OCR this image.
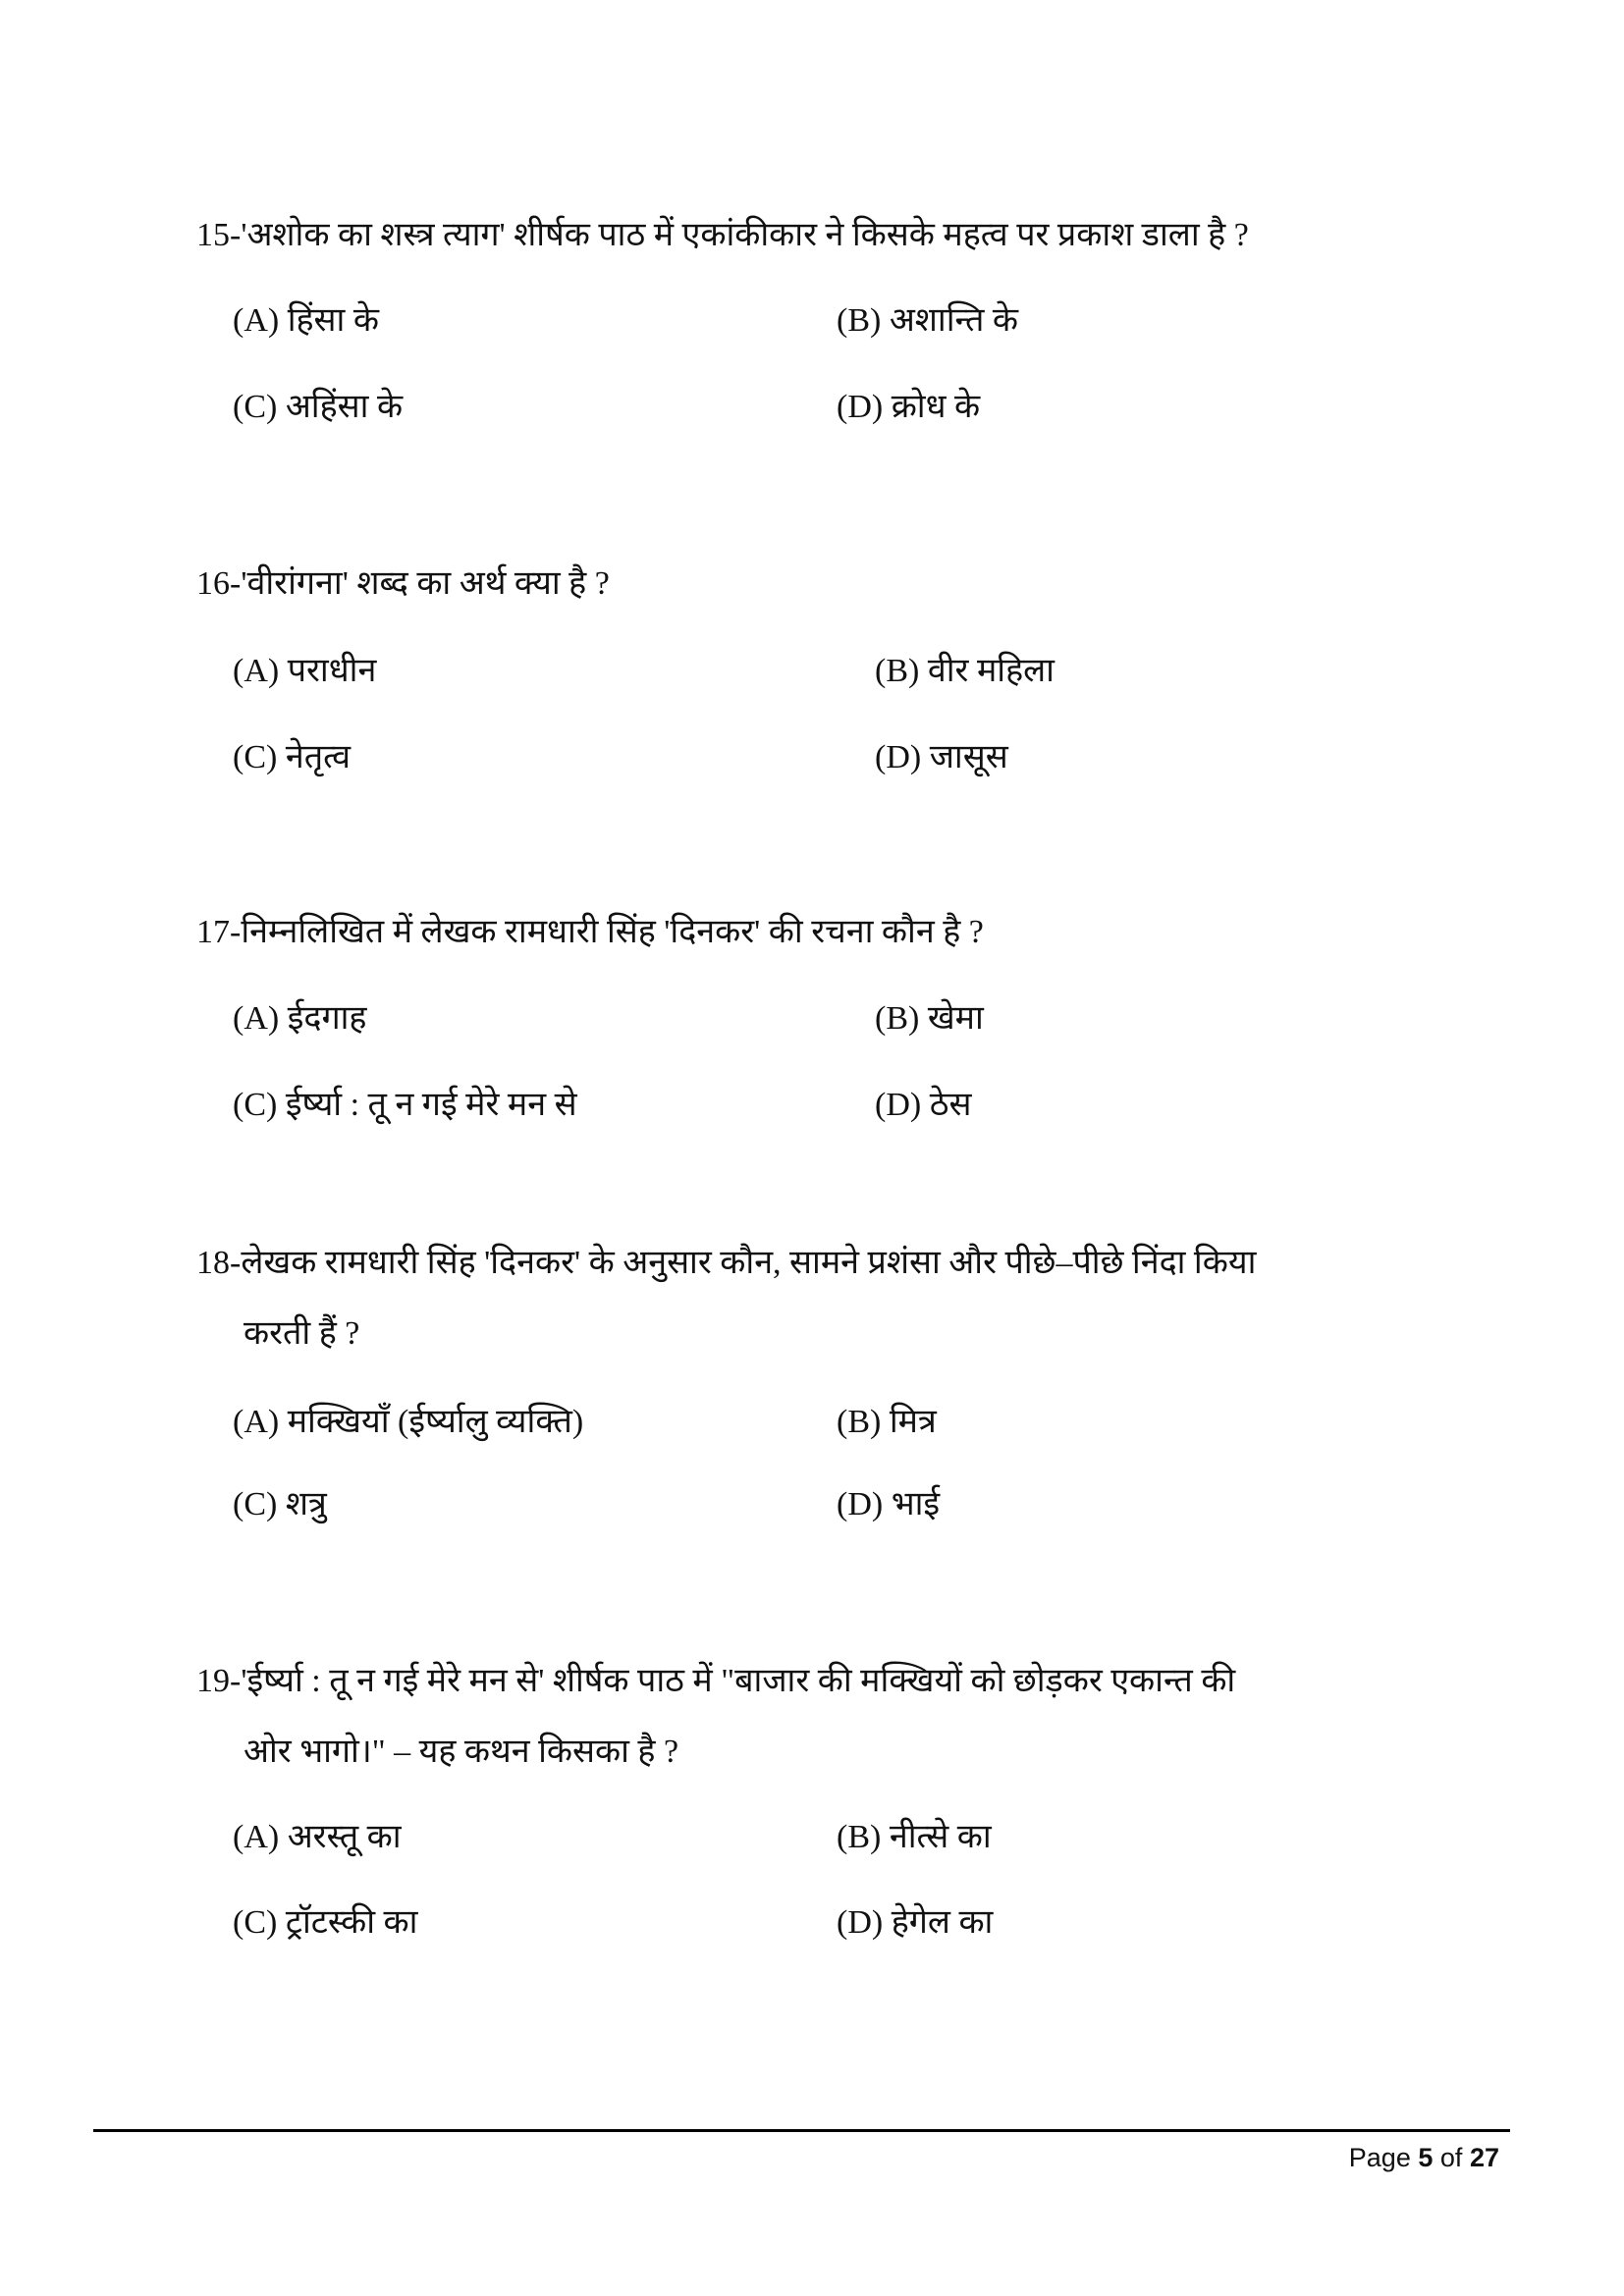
15-'अशोक का शस्त्र त्याग' शीर्षक पाठ में एकांकीकार ने किसके महत्व पर प्रकाश डाला है ?
(A) हिंसा के	(B) अशान्ति के
(C) अहिंसा के	(D) क्रोध के
16-'वीरांगना' शब्द का अर्थ क्या है ?
(A) पराधीन	(B) वीर महिला
(C) नेतृत्व	(D) जासूस
17-निम्नलिखित में लेखक रामधारी सिंह 'दिनकर' की रचना कौन है ?
(A) ईदगाह	(B) खेमा
(C) ईर्ष्या : तू न गई मेरे मन से	(D) ठेस
18-लेखक रामधारी सिंह 'दिनकर' के अनुसार कौन, सामने प्रशंसा और पीछे–पीछे निंदा किया
करती हैं ?
(A) मक्खियाँ (ईर्ष्यालु व्यक्ति)	(B) मित्र
(C) शत्रु	(D) भाई
19-'ईर्ष्या : तू न गई मेरे मन से' शीर्षक पाठ में "बाजार की मक्खियों को छोड़कर एकान्त की
ओर भागो।" – यह कथन किसका है ?
(A) अरस्तू का	(B) नीत्से का
(C) ट्रॉटस्की का	(D) हेगेल का
Page 5 of 27
